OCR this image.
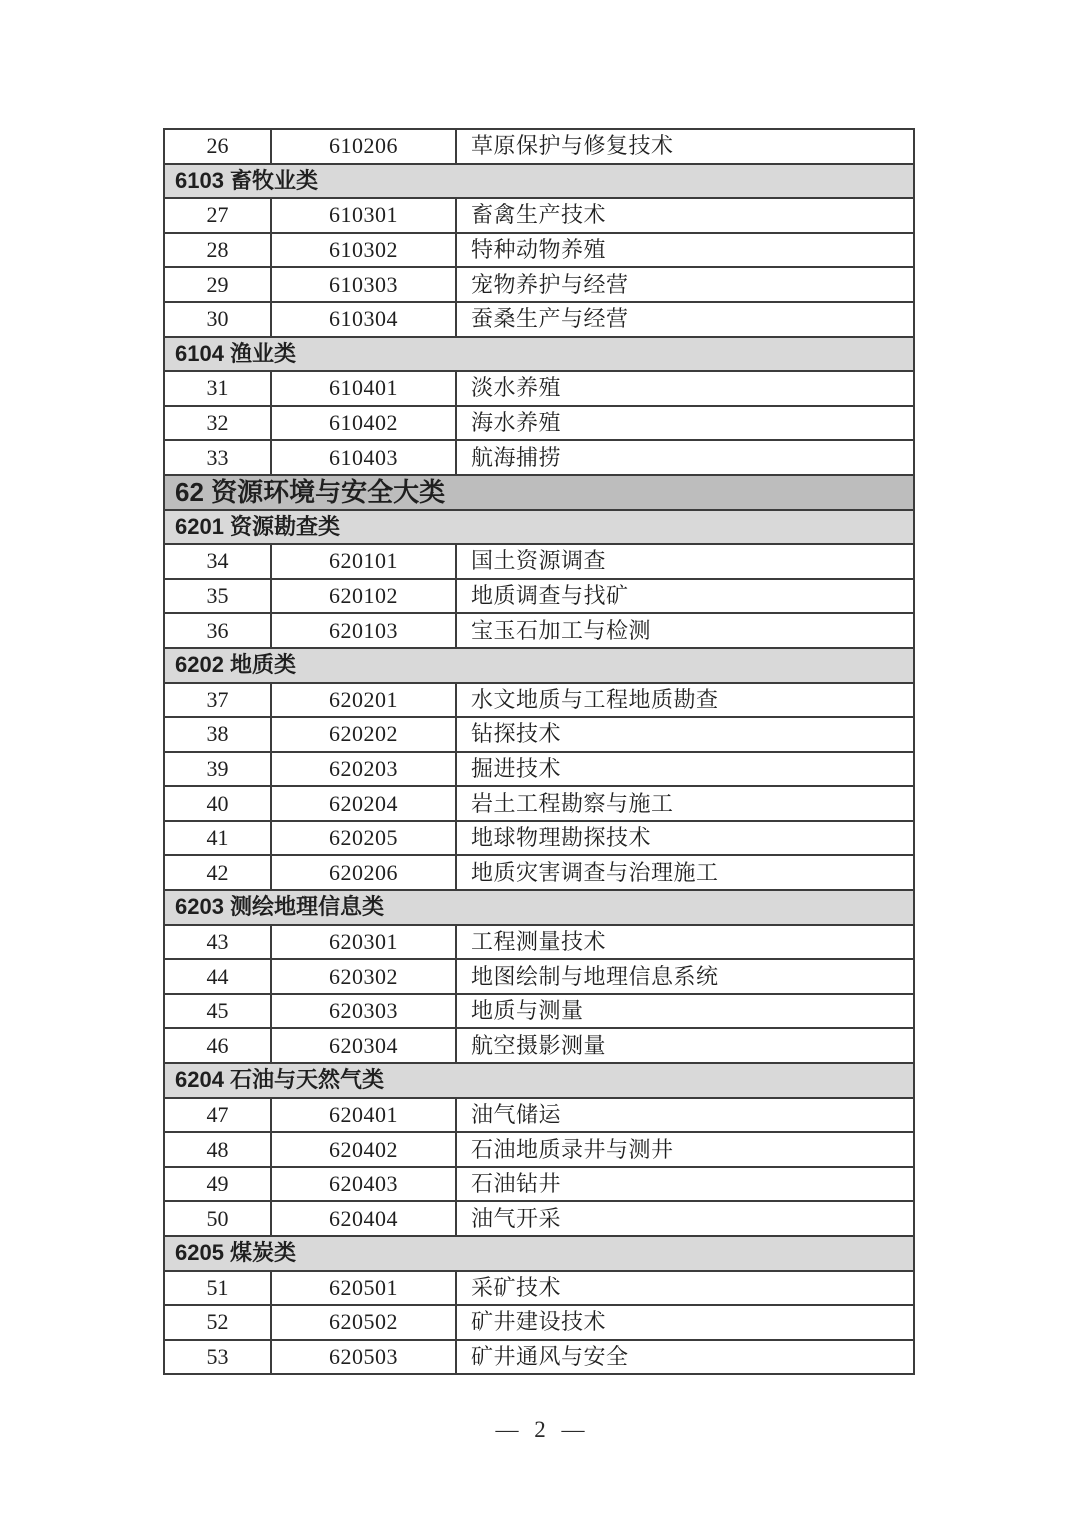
26	610206	草原保护与修复技术
6103 畜牧业类		
27	610301	畜禽生产技术
28	610302	特种动物养殖
29	610303	宠物养护与经营
30	610304	蚕桑生产与经营
6104 渔业类		
31	610401	淡水养殖
32	610402	海水养殖
33	610403	航海捕捞
62 资源环境与安全大类		
6201 资源勘查类		
34	620101	国土资源调查
35	620102	地质调查与找矿
36	620103	宝玉石加工与检测
6202 地质类		
37	620201	水文地质与工程地质勘查
38	620202	钻探技术
39	620203	掘进技术
40	620204	岩土工程勘察与施工
41	620205	地球物理勘探技术
42	620206	地质灾害调查与治理施工
6203 测绘地理信息类		
43	620301	工程测量技术
44	620302	地图绘制与地理信息系统
45	620303	地质与测量
46	620304	航空摄影测量
6204 石油与天然气类		
47	620401	油气储运
48	620402	石油地质录井与测井
49	620403	石油钻井
50	620404	油气开采
6205 煤炭类		
51	620501	采矿技术
52	620502	矿井建设技术
53	620503	矿井通风与安全
— 2 —
